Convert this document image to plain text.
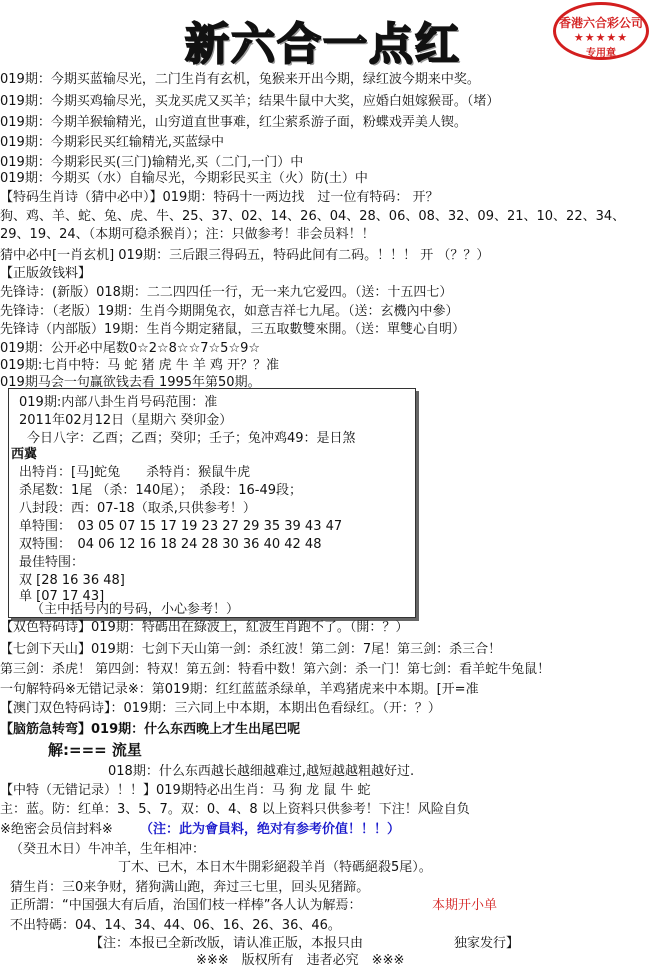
新六合一点红	香港六合彩公司
★★★★★
专用章
019期：今期买蓝输尽光，二门生肖有玄机，兔猴来开出今期，绿红波今期来中奖。
019期：今期买鸡输尽光，买龙买虎又买羊；结果牛鼠中大奖，应婚白姐嫁猴哥。（堵）
019期：今期羊猴输精光，山穷道直世事难，红尘萦系游子面，粉蝶戏弄美人锲。
019期：今期彩民买红输精光,买蓝绿中
019期：今期彩民买(三门)输精光,买（二门,一门）中
019期：今期买（水）自输尽光，今期彩民买主（火）防(土）中
【特码生肖诗（猜中必中）】019期：特码十一两边找　过一位有特码： 开？
狗、鸡、羊、蛇、兔、虎、牛、25、37、02、14、26、04、28、06、08、32、09、21、10、22、34、
29、19、24、（本期可稳杀猴肖）；注：只做参考！非会员料！！
猜中必中[一肖玄机] 019期：三后跟三得码五，特码此间有二码。！！！ 开 （？？）
【正版敛钱料】
先锋诗：(新版）018期：二二四四任一行，无一来九它爱四。（送：十五四七）
先锋诗：（老版）19期：生肖今期開兔衣，如意吉祥七九尾。（送：玄機內中參）
先锋诗（内部版）19期：生肖今期定豬鼠，三五取數雙來開。（送：單雙心自明）
019期：公开必中尾数0☆2☆8☆☆7☆5☆9☆
019期:七肖中特：马 蛇 猪 虎 牛 羊 鸡 开？？准
019期马会一句赢欲钱去看 1995年第50期。
019期:内部八卦生肖号码范围：准
2011年02月12日（星期六 癸卯金）
今日八字：乙酉；乙酉；癸卯；壬子；兔冲鸡49：是日煞
西冀
出特肖：[马]蛇兔　　杀特肖：猴鼠牛虎
杀尾数：1尾 （杀：140尾）；　杀段：16-49段；
八封段：西：07-18（取杀,只供参考！）
单特围：　03 05 07 15 17 19 23 27 29 35 39 43 47
双特围：　04 06 12 16 18 24 28 30 36 40 42 48
最佳特围：
双 [28 16 36 48]
单 [07 17 43]
（主中括号内的号码，小心参考！）
【双色特码诗】019期：特碼出在綠波上，紅波生肖跑不了。（開：？）
【七剑下天山】019期：七剑下天山第一剑：杀红波！第二剑：7尾！第三剑：杀三合！
第三剑：杀虎！ 第四剑：特双！第五剑：特看中数！第六剑：杀一门！第七剑：看羊蛇牛兔鼠！
一句解特码※无错记录※：第019期：红红蓝蓝杀绿单，羊鸡猪虎来中本期。[开=准
【澳门双色特码诗】：019期：三六同上中本期，本期出色看绿红。（开：？）
【脑筋急转弯】019期：什么东西晚上才生出尾巴呢
解:=== 流星
018期：什么东西越长越细越难过,越短越越粗越好过.
【中特（无错记录）！！】019期特必出生肖：马 狗 龙 鼠 牛 蛇
主：蓝。防：红单：3、5、7。双：0、4、8 以上资料只供参考！下注！风险自负
※绝密会员信封料※ （注：此为會員料，绝对有参考价值！！！）
（癸丑木日）牛冲羊，生年相冲：
丁木、已木，本日木牛開彩絕殺羊肖（特碼絕殺5尾）。
猜生肖：三0来争财，猪狗满山跑，奔过三七里，回头见猪蹄。
正所謂：“中国强大有后盾，治国们枝一样棒”各人认为解焉：	本期开小单
不出特碼：04、14、34、44、06、16、26、36、46。
【注：本报已全新改版，请认准正版，本报只由　　　　　　　独家发行】
※※※　版权所有　违者必究　※※※
